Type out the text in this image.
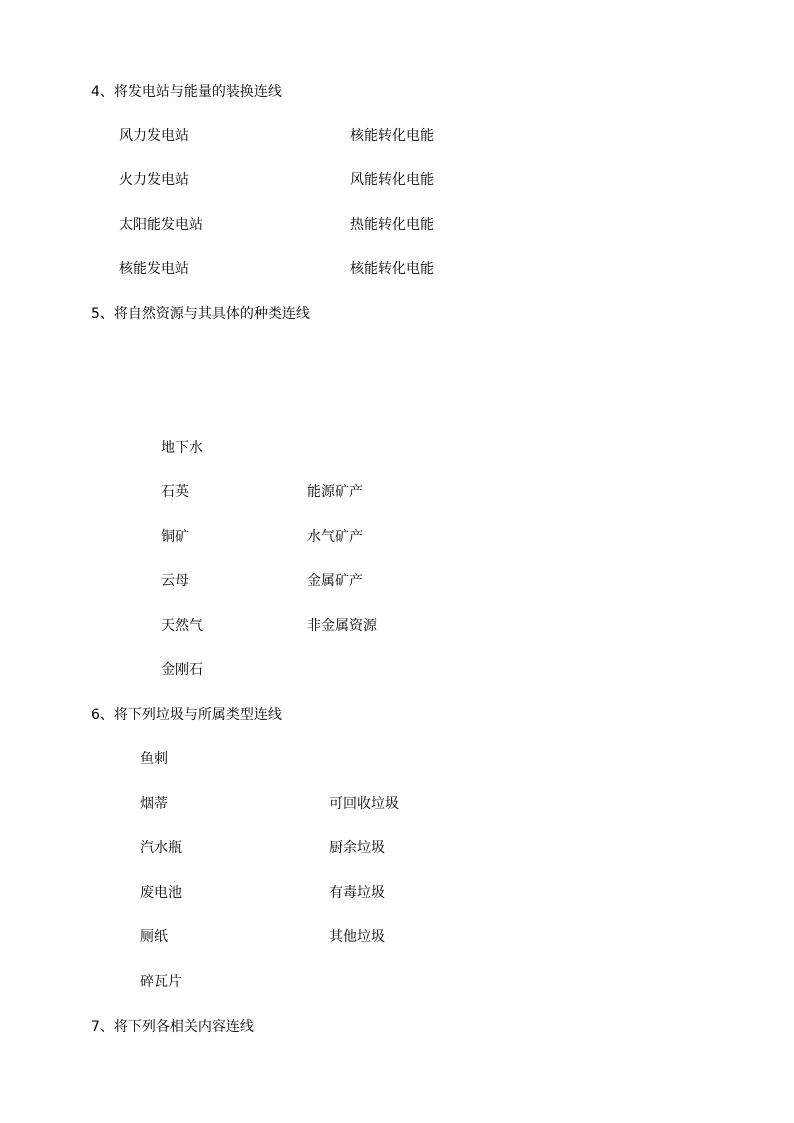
4、将发电站与能量的装换连线
风力发电站	核能转化电能
火力发电站	风能转化电能
太阳能发电站	热能转化电能
核能发电站	核能转化电能
5、将自然资源与其具体的种类连线
地下水
石英	能源矿产
铜矿	水气矿产
云母	金属矿产
天然气	非金属资源
金刚石
6、将下列垃圾与所属类型连线
鱼刺
烟蒂	可回收垃圾
汽水瓶	厨余垃圾
废电池	有毒垃圾
厕纸	其他垃圾
碎瓦片
7、将下列各相关内容连线
